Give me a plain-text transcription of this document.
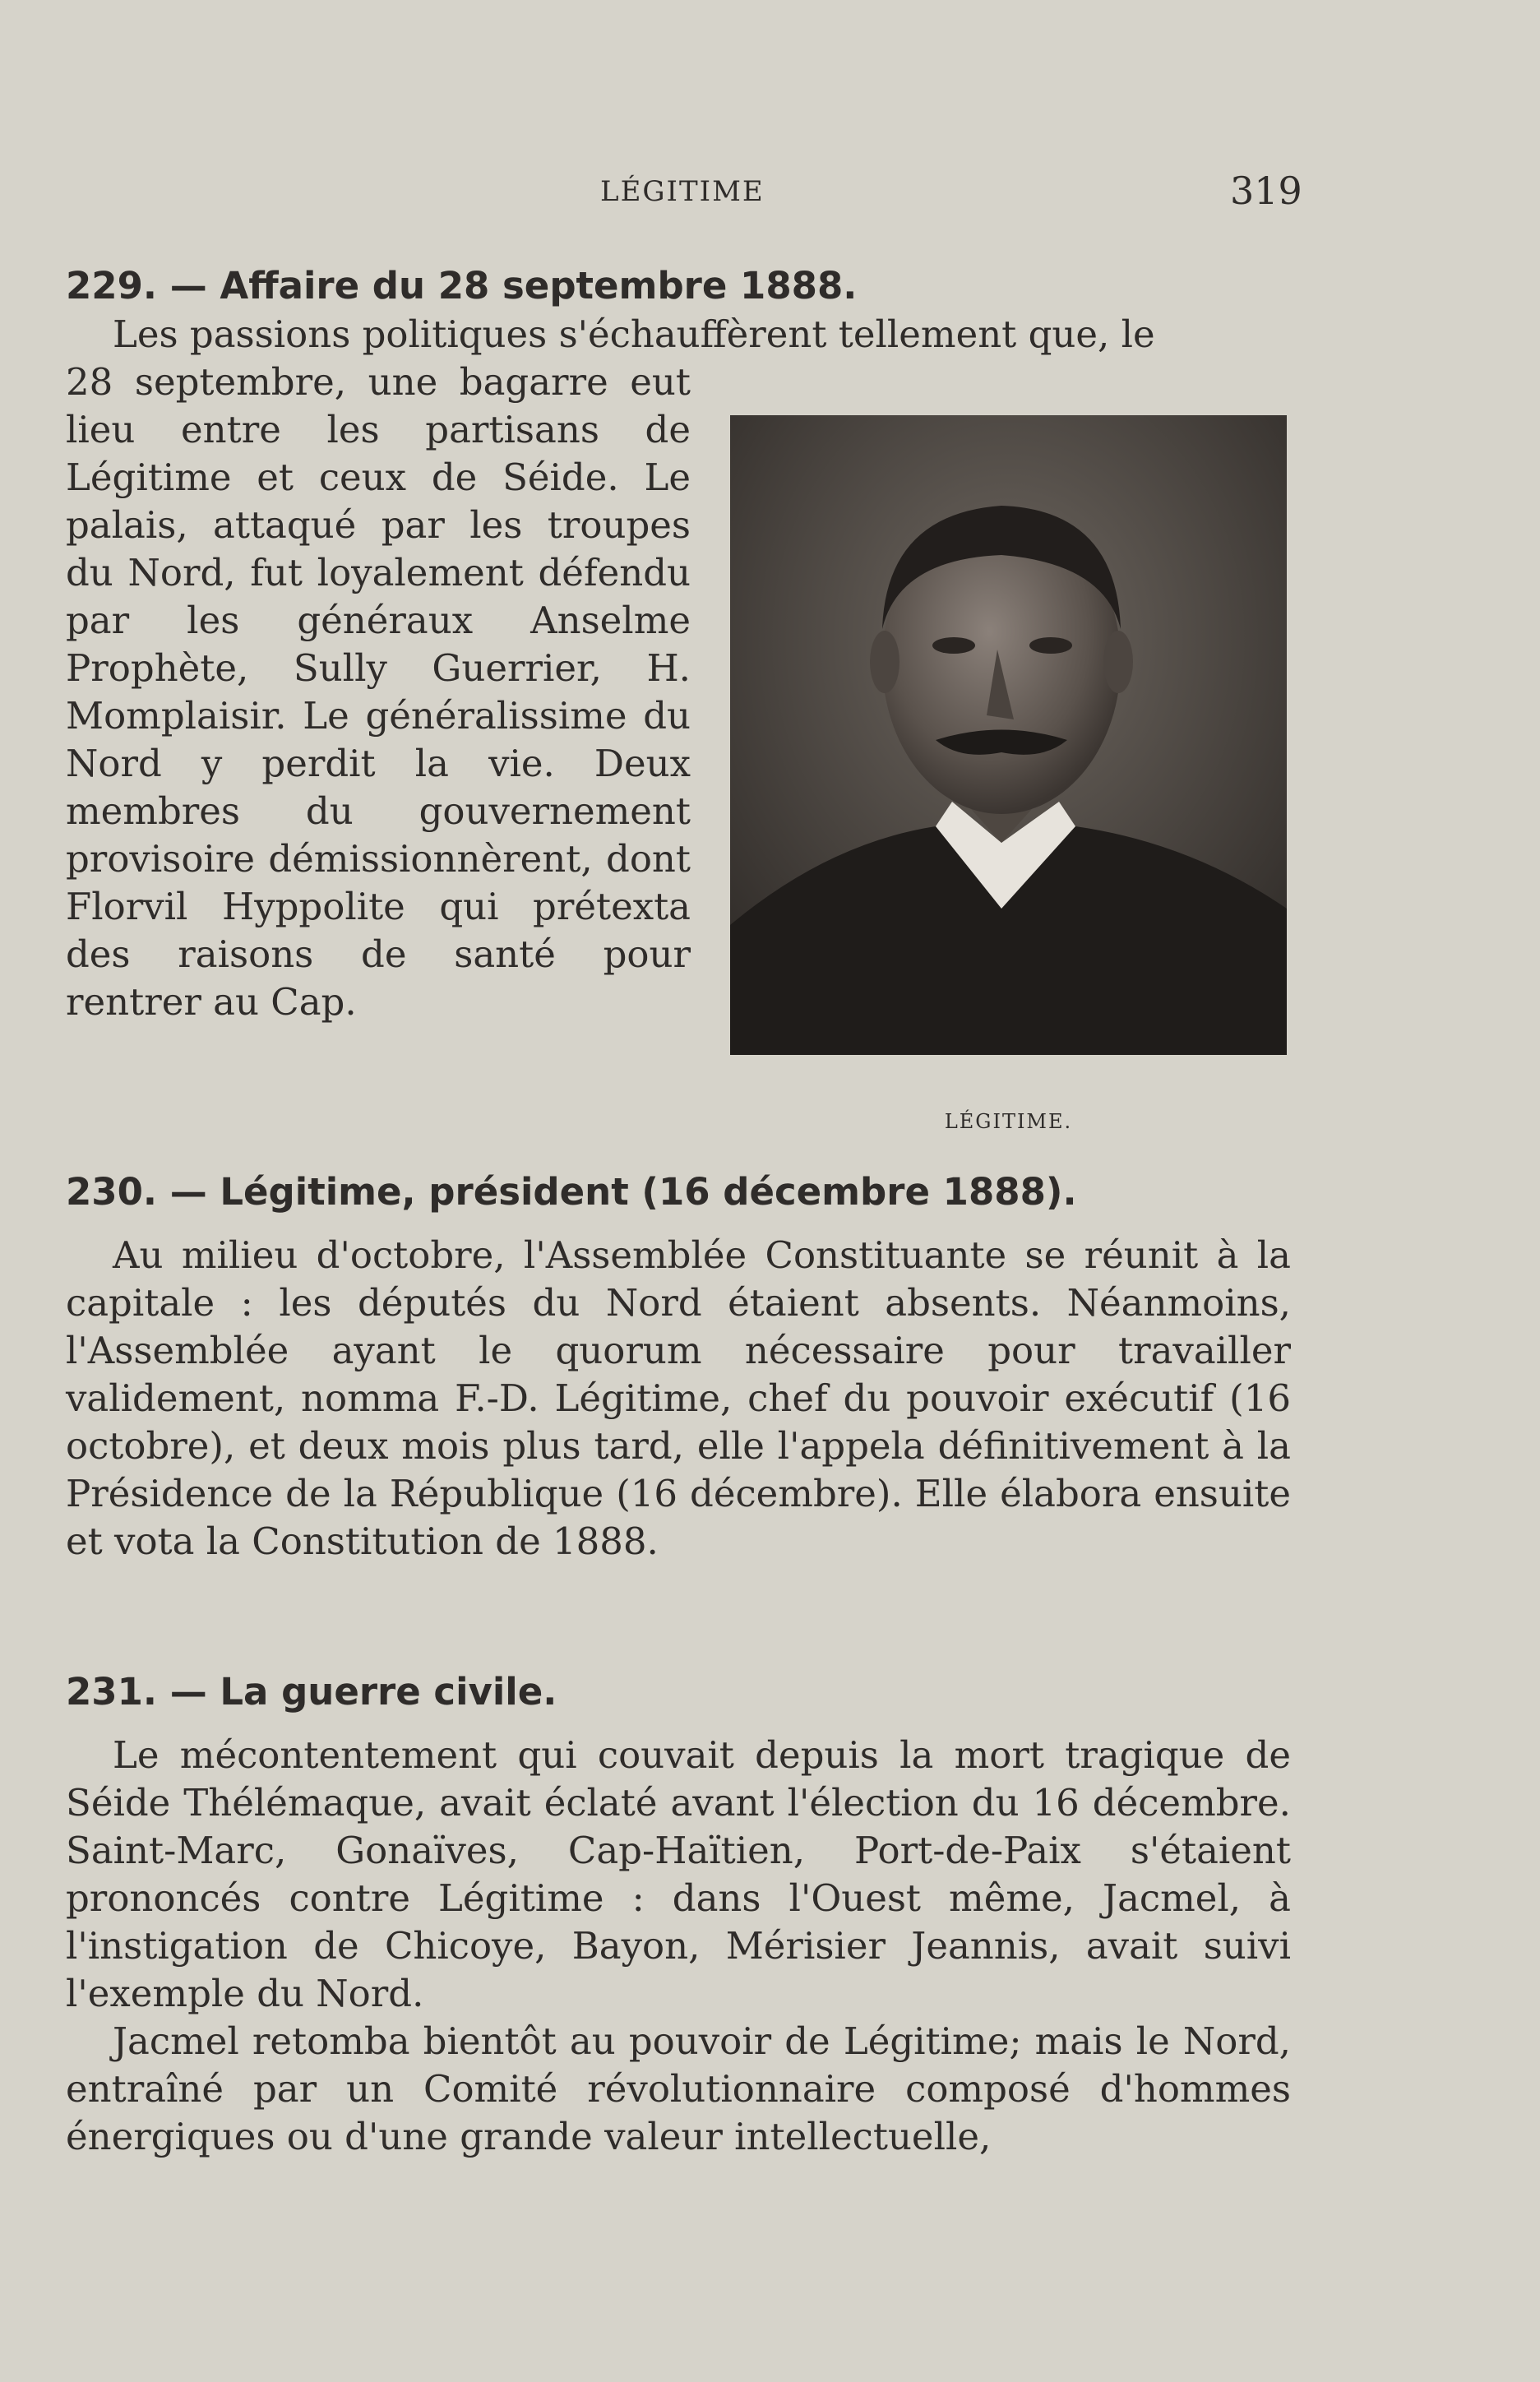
LÉGITIME	319

229. — Affaire du 28 septembre 1888.

Les passions politiques s'échauffèrent tellement que, le

28 septembre, une bagarre eut lieu entre les partisans de Légitime et ceux de Séide. Le palais, attaqué par les troupes du Nord, fut loyalement défendu par les généraux Anselme Prophète, Sully Guerrier, H. Momplaisir. Le généralissime du Nord y perdit la vie. Deux membres du gouvernement provisoire démissionnèrent, dont Florvil Hyppolite qui prétexta des raisons de santé pour rentrer au Cap.

LÉGITIME.

230. — Légitime, président (16 décembre 1888).

Au milieu d'octobre, l'Assemblée Constituante se réunit à la capitale : les députés du Nord étaient absents. Néanmoins, l'Assemblée ayant le quorum nécessaire pour travailler validement, nomma F.-D. Légitime, chef du pouvoir exécutif (16 octobre), et deux mois plus tard, elle l'appela définitivement à la Présidence de la République (16 décembre). Elle élabora ensuite et vota la Constitution de 1888.

231. — La guerre civile.

Le mécontentement qui couvait depuis la mort tragique de Séide Thélémaque, avait éclaté avant l'élection du 16 décembre. Saint-Marc, Gonaïves, Cap-Haïtien, Port-de-Paix s'étaient prononcés contre Légitime : dans l'Ouest même, Jacmel, à l'instigation de Chicoye, Bayon, Mérisier Jeannis, avait suivi l'exemple du Nord.

Jacmel retomba bientôt au pouvoir de Légitime; mais le Nord, entraîné par un Comité révolutionnaire composé d'hommes énergiques ou d'une grande valeur intellectuelle,
